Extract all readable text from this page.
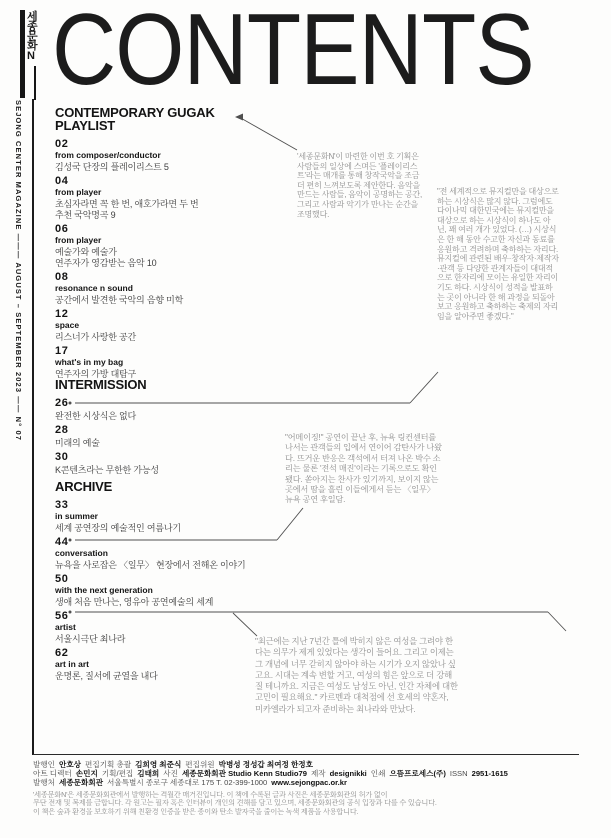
세종문화N CONTENTS
SEJONG CENTER MAGAZINE ——— AUGUST – SEPTEMBER 2023 —— N° 07 CONTEMPORARY GUGAK PLAYLIST
02
from composer/conductor
김성국 단장의 플레이리스트 5
04
from player
초심자라면 꼭 한 번, 애호가라면 두 번
추천 국악명곡 9
06
from player
예술가와 예술가
연주자가 영감받는 음악 10
08
resonance n sound
공간에서 발견한 국악의 음향 미학
12
space
리스너가 사랑한 공간
17
what's in my bag
연주자의 가방 대탐구
INTERMISSION
26
완전한 시상식은 없다
28
미래의 예술
30
K콘텐츠라는 무한한 가능성
ARCHIVE
33
in summer
세계 공연장의 예술적인 여름나기
44
conversation
뉴욕을 사로잡은 〈일무〉 현장에서 전해온 이야기
50
with the next generation
생애 처음 만나는, 영유아 공연예술의 세계
56
artist
서울시극단 최나라
62
art in art
운명론, 질서에 균열을 내다
'세종문화N'이 마련한 이번 호 기획은 사람들의 일상에 스며든 '플레이리스트'라는 매개를 통해 창작국악을 조금 더 편히 느껴보도록 제안한다. 음악을 만드는 사람들, 음악이 공명하는 공간, 그리고 사람과 악기가 만나는 순간을 조명했다.
"전 세계적으로 뮤지컬만을 대상으로 하는 시상식은 많지 않다. 그럼에도 다이나믹 대한민국에는 뮤지컬만을 대상으로 하는 시상식이 하나도 아닌, 꽤 여러 개가 있었다. (…) 시상식은 한 해 동안 수고한 자신과 동료를 응원하고 격려하며 축하하는 자리다. 뮤지컬에 관련된 배우·창작자·제작자·관객 등 다양한 관계자들이 대대적으로 한자리에 모이는 유일한 자리이기도 하다. 시상식이 성적을 발표하는 곳이 아니라 한 해 과정을 되돌아보고 응원하고 축하하는 축제의 자리임을 알아주면 좋겠다."
"어메이징!" 공연이 끝난 후, 뉴욕 링컨센터를 나서는 관객들의 입에서 연이어 감탄사가 나왔다. 뜨거운 반응은 객석에서 터져 나온 박수 소리는 물론 '전석 매진'이라는 기록으로도 확인됐다. 쏟아지는 찬사가 있기까지, 보이지 않는 곳에서 땀을 흘린 이들에게서 듣는 〈일무〉 뉴욕 공연 후일담.
"최근에는 지난 7년간 틀에 박히지 않은 여성을 그려야 한다는 의무가 제게 있었다는 생각이 들어요. 그리고 이제는 그 개념에 너무 갇히지 않아야 하는 시기가 오지 않았나 싶고요. 시대는 계속 변할 거고, 여성의 힘은 앞으로 더 강해질 테니까요. 지금은 여성도 남성도 아닌, 인간 자체에 대한 고민이 필요해요." 카르멘과 대척점에 선 호세의 약혼자, 미카엘라가 되고자 준비하는 최나라와 만났다.
발행인 안호상 편집기획 총괄 김희영 최준식 편집위원 박병성 정성갑 최여정 한정호
아트 디렉터 손민지 기획/편집 김태희 사진 세종문화회관 Studio Kenn Studio79 제작 designikki 인쇄 으뜸프로세스(주) ISSN 2951-1615
발행처 세종문화회관 서울특별시 종로구 세종대로 175 T. 02-399-1000 www.sejongpac.or.kr
'세종문화N'은 세종문화회관에서 발행하는 격월간 매거진입니다. 이 책에 수록된 글과 사진은 세종문화회관의 허가 없이
무단 전재 및 복제를 금합니다. 각 원고는 필자 혹은 인터뷰이 개인의 견해를 담고 있으며, 세종문화회관의 공식 입장과 다를 수 있습니다.
이 책은 숲과 환경을 보호하기 위해 친환경 인증을 받은 종이와 탄소 발자국을 줄이는 녹색 제품을 사용합니다.
